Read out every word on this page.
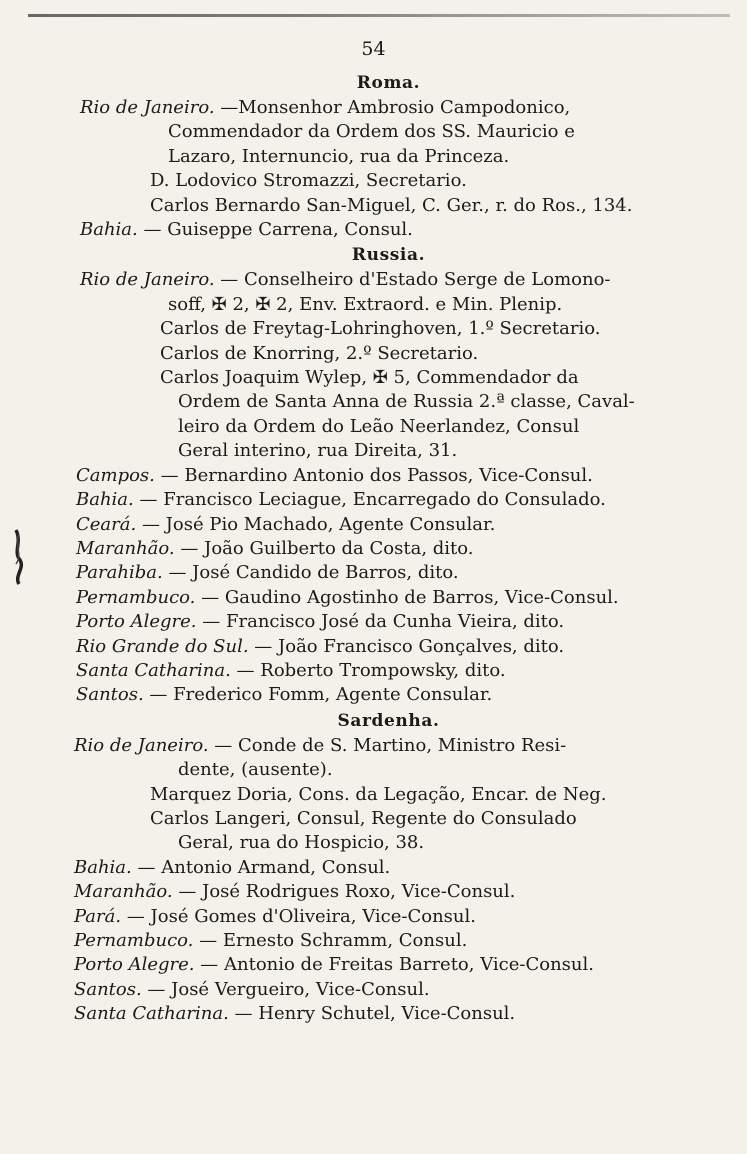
54
Roma.
Rio de Janeiro. —Monsenhor Ambrosio Campodonico,
Commendador da Ordem dos SS. Mauricio e
Lazaro, Internuncio, rua da Princeza.
D. Lodovico Stromazzi, Secretario.
Carlos Bernardo San-Miguel, C. Ger., r. do Ros., 134.
Bahia. — Guiseppe Carrena, Consul.
Russia.
Rio de Janeiro. — Conselheiro d'Estado Serge de Lomono-
soff, ✠ 2, ✠ 2, Env. Extraord. e Min. Plenip.
Carlos de Freytag-Lohringhoven, 1.º Secretario.
Carlos de Knorring, 2.º Secretario.
Carlos Joaquim Wylep, ✠ 5, Commendador da
Ordem de Santa Anna de Russia 2.ª classe, Caval-
leiro da Ordem do Leão Neerlandez, Consul
Geral interino, rua Direita, 31.
Campos. — Bernardino Antonio dos Passos, Vice-Consul.
Bahia. — Francisco Leciague, Encarregado do Consulado.
Ceará. — José Pio Machado, Agente Consular.
Maranhão. — João Guilberto da Costa, dito.
Parahiba. — José Candido de Barros, dito.
Pernambuco. — Gaudino Agostinho de Barros, Vice-Consul.
Porto Alegre. — Francisco José da Cunha Vieira, dito.
Rio Grande do Sul. — João Francisco Gonçalves, dito.
Santa Catharina. — Roberto Trompowsky, dito.
Santos. — Frederico Fomm, Agente Consular.
Sardenha.
Rio de Janeiro. — Conde de S. Martino, Ministro Resi-
dente, (ausente).
Marquez Doria, Cons. da Legação, Encar. de Neg.
Carlos Langeri, Consul, Regente do Consulado
Geral, rua do Hospicio, 38.
Bahia. — Antonio Armand, Consul.
Maranhão. — José Rodrigues Roxo, Vice-Consul.
Pará. — José Gomes d'Oliveira, Vice-Consul.
Pernambuco. — Ernesto Schramm, Consul.
Porto Alegre. — Antonio de Freitas Barreto, Vice-Consul.
Santos. — José Vergueiro, Vice-Consul.
Santa Catharina. — Henry Schutel, Vice-Consul.
